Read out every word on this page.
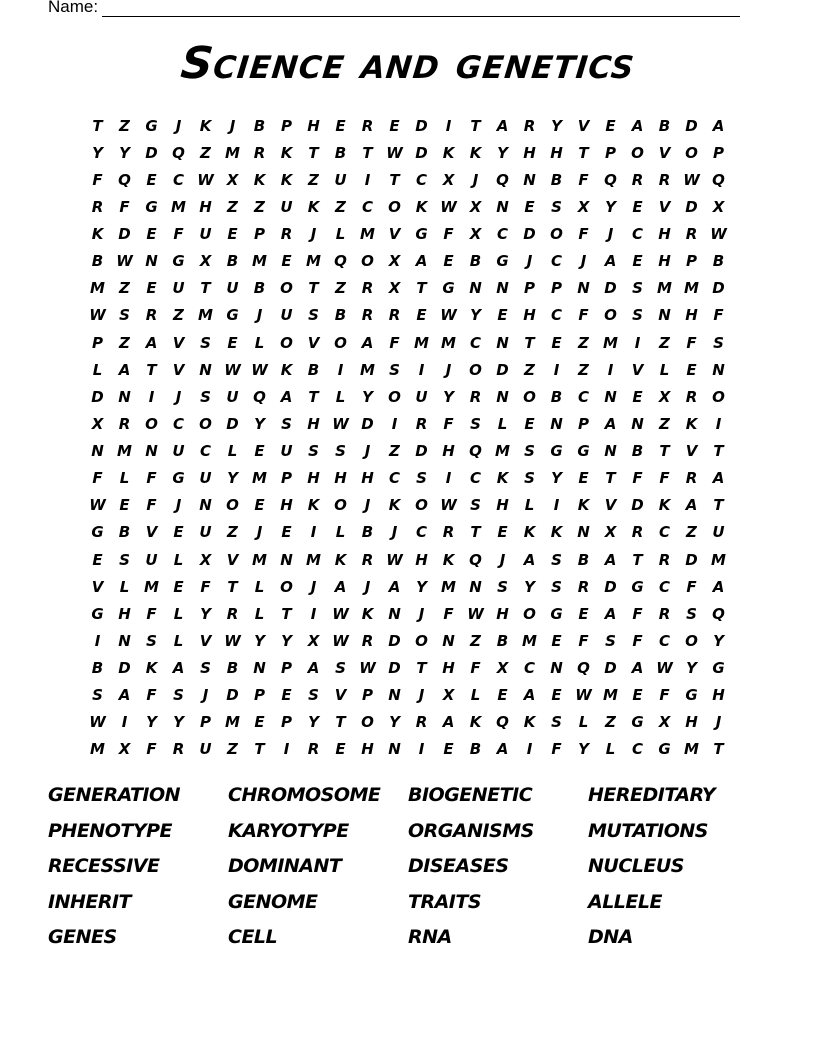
Name:
Science and genetics
T	Z	G	J	K	J	B	P	H	E	R	E	D	I	T	A	R	Y	V	E	A	B	D A
Y	Y	D Q	Z M R	K	T	B	T W D K	K	Y	H H	T	P	O V O	P
F	Q	E	C W X	K	K	Z	U	I	T	C	X	J	Q N	B	F	Q R	R W Q
R	F	G M H	Z	Z	U	K	Z	C	O K W X N	E	S	X	Y	E	V D X
K D	E	F	U	E	P	R	J	L M V	G	F	X	C	D O	F	J	C	H R W
B W N G	X	B M E M Q O X	A	E	B	G	J	C	J	A	E	H	P	B
M Z	E	U	T	U	B O	T	Z	R	X	T	G N N	P	P	N D	S M M D
W S	R	Z M G	J	U	S	B	R	R	E W Y	E	H	C	F	O	S	N H	F
P	Z	A	V	S	E	L	O V O A	F M M C	N	T	E	Z M	I	Z	F	S
L	A	T	V N W W K	B	I	M S	I	J	O D	Z	I	Z	I	V	L	E	N
D N	I	J	S	U Q A	T	L	Y	O U	Y	R N O B	C	N	E	X	R O
X	R O	C	O D	Y	S	H W D	I	R	F	S	L	E	N	P	A N	Z	K	I
N M N U	C	L	E	U	S	S	J	Z	D H Q M S	G G N	B	T	V	T
F	L	F	G U	Y M P	H H H	C	S	I	C	K	S	Y	E	T	F	F	R	A
W E	F	J	N O	E	H K O	J	K O W S	H	L	I	K	V D K	A	T
G	B	V	E	U	Z	J	E	I	L	B	J	C	R	T	E	K	K N X	R	C	Z	U
E	S	U	L	X	V M N M K	R W H K Q	J	A	S	B	A	T	R D M
V	L M E	F	T	L	O	J	A	J	A	Y M N	S	Y	S	R D G	C	F	A
G H	F	L	Y	R	L	T	I	W K N	J	F W H O G	E	A	F	R	S	Q
I	N	S	L	V W Y	Y	X W R D O N	Z	B M E	F	S	F	C	O	Y
B	D K	A	S	B	N	P	A	S W D	T	H	F	X	C	N Q D A W Y	G
S	A	F	S	J	D	P	E	S	V	P	N	J	X	L	E	A	E W M E	F	G H
W	I	Y	Y	P M E	P	Y	T	O	Y	R	A	K Q K	S	L	Z	G	X H	J
M X	F	R	U	Z	T	I	R	E	H N	I	E	B	A	I	F	Y	L	C	G M T
GENERATION	CHROMOSOME	BIOGENETIC	HEREDITARY
PHENOTYPE	KARYOTYPE	ORGANISMS	MUTATIONS
RECESSIVE	DOMINANT	DISEASES	NUCLEUS
INHERIT	GENOME	TRAITS	ALLELE
GENES	CELL	RNA	DNA
